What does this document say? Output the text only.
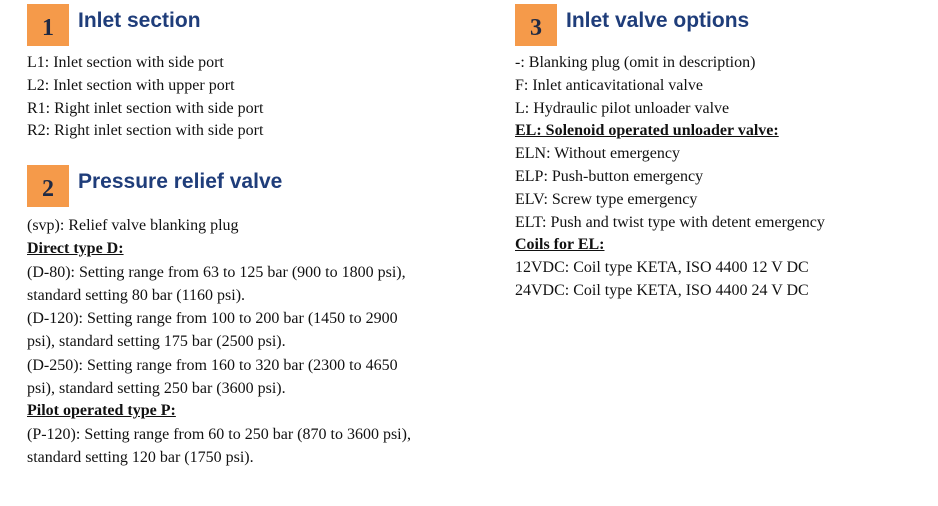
1	Inlet section
L1: Inlet section with side port
L2: Inlet section with upper port
R1: Right inlet section with side port
R2: Right inlet section with side port
2	Pressure relief valve
(svp): Relief valve blanking plug
Direct type D:
(D-80): Setting range from 63 to 125 bar (900 to 1800 psi), standard setting 80 bar (1160 psi).
(D-120): Setting range from 100 to 200 bar (1450 to 2900 psi), standard setting 175 bar (2500 psi).
(D-250): Setting range from 160 to 320 bar (2300 to 4650 psi), standard setting 250 bar (3600 psi).
Pilot operated type P:
(P-120): Setting range from 60 to 250 bar (870 to 3600 psi), standard setting 120 bar (1750 psi).
3	Inlet valve options
-: Blanking plug (omit in description)
F: Inlet anticavitational valve
L: Hydraulic pilot unloader valve
EL: Solenoid operated unloader valve:
ELN: Without emergency
ELP: Push-button emergency
ELV: Screw type emergency
ELT: Push and twist type with detent emergency
Coils for EL:
12VDC: Coil type KETA, ISO 4400 12 V DC
24VDC: Coil type KETA, ISO 4400 24 V DC
